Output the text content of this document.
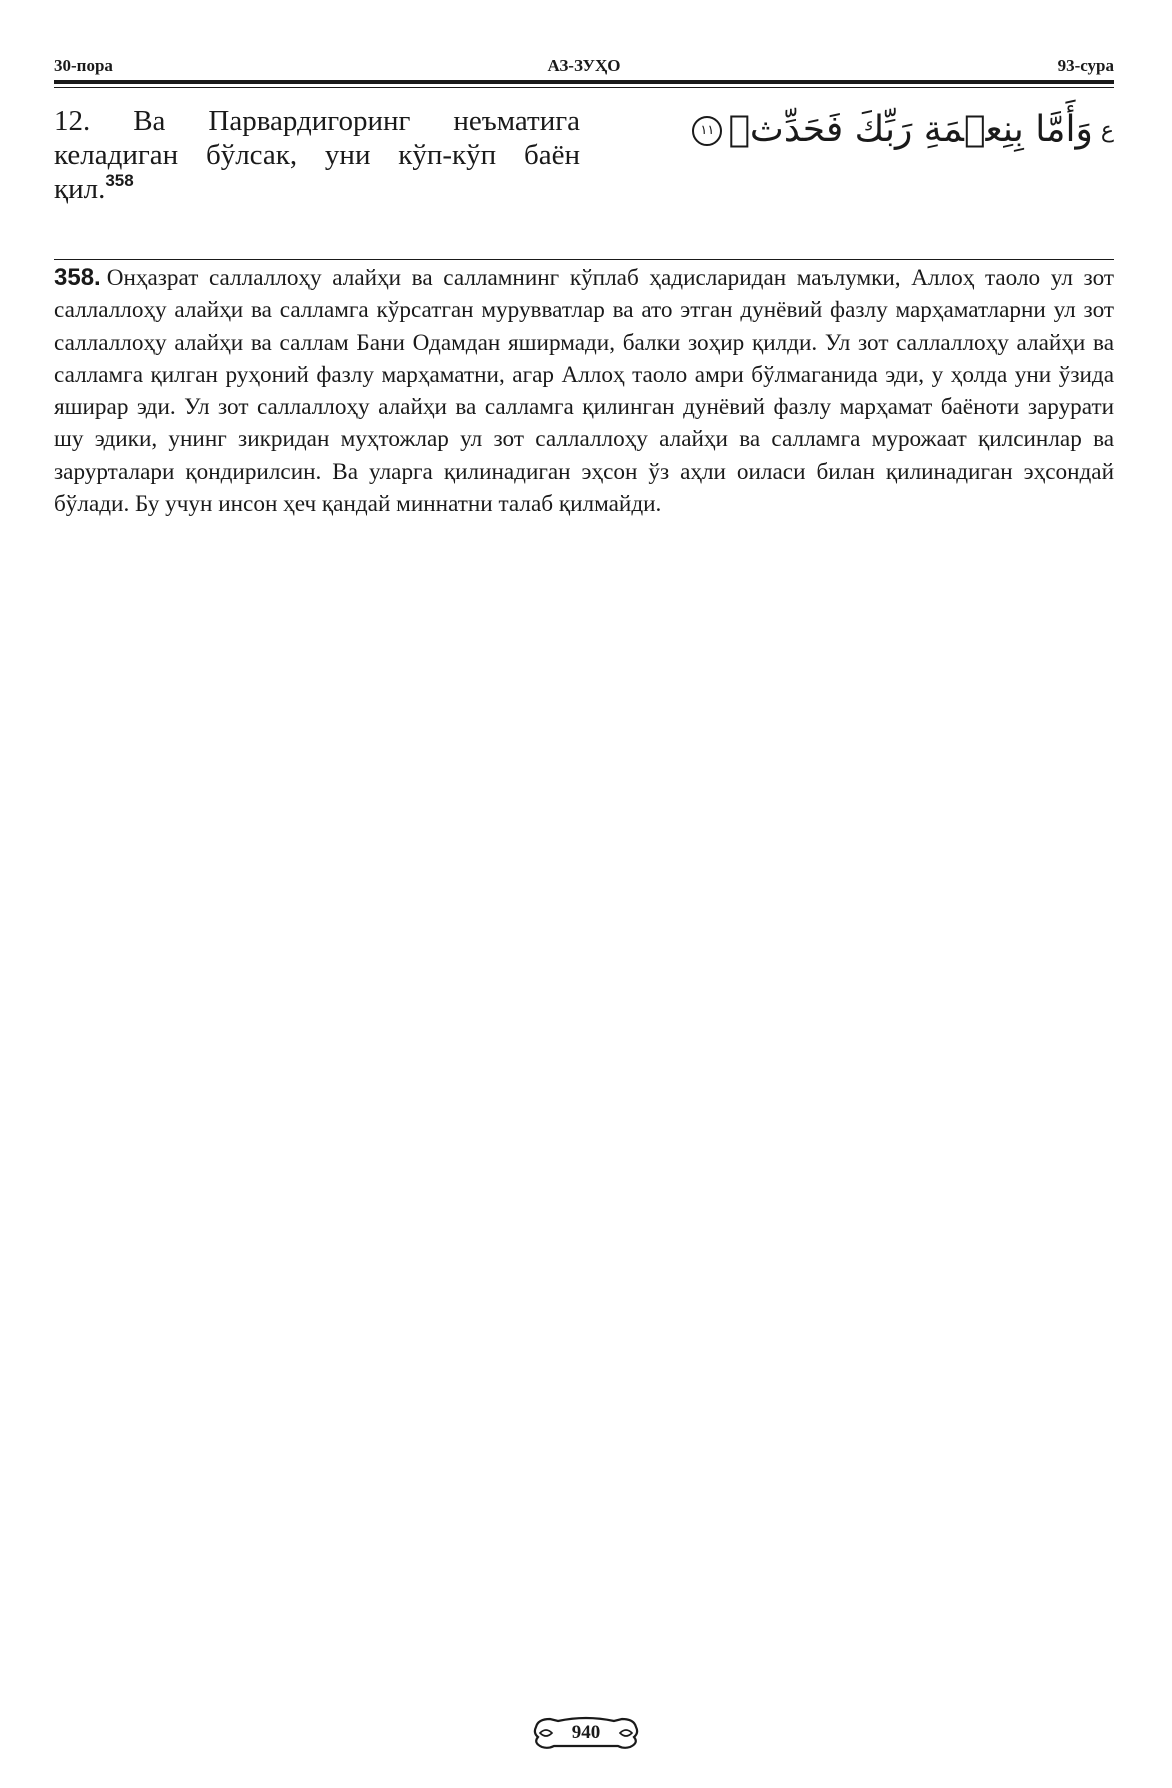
30-пора	АЗ-ЗУҲО	93-сура
12. Ва Парвардигоринг неъматига келадиган бўлсак, уни кўп-кўп баён қил.$^{358}$
عوَأَمَّا بِنِعۡمَةِ رَبِّكَ فَحَدِّثۡ١١
358. Онҳазрат саллаллоҳу алайҳи ва салламнинг кўплаб ҳадисларидан маълумки, Аллоҳ таоло ул зот саллаллоҳу алайҳи ва салламга кўрсатган мурувватлар ва ато этган дунёвий фазлу марҳаматларни ул зот саллаллоҳу алайҳи ва саллам Бани Одамдан яширмади, балки зоҳир қилди. Ул зот саллаллоҳу алайҳи ва салламга қилган руҳоний фазлу марҳаматни, агар Аллоҳ таоло амри бўлмаганида эди, у ҳолда уни ўзида яширар эди. Ул зот саллаллоҳу алайҳи ва салламга қилинган дунёвий фазлу марҳамат баёноти зарурати шу эдики, унинг зикридан муҳтожлар ул зот саллаллоҳу алайҳи ва салламга мурожаат қилсинлар ва зарурталари қондирилсин. Ва уларга қилинадиган эҳсон ўз аҳли оиласи билан қилинадиган эҳсондай бўлади. Бу учун инсон ҳеч қандай миннатни талаб қилмайди.
940
